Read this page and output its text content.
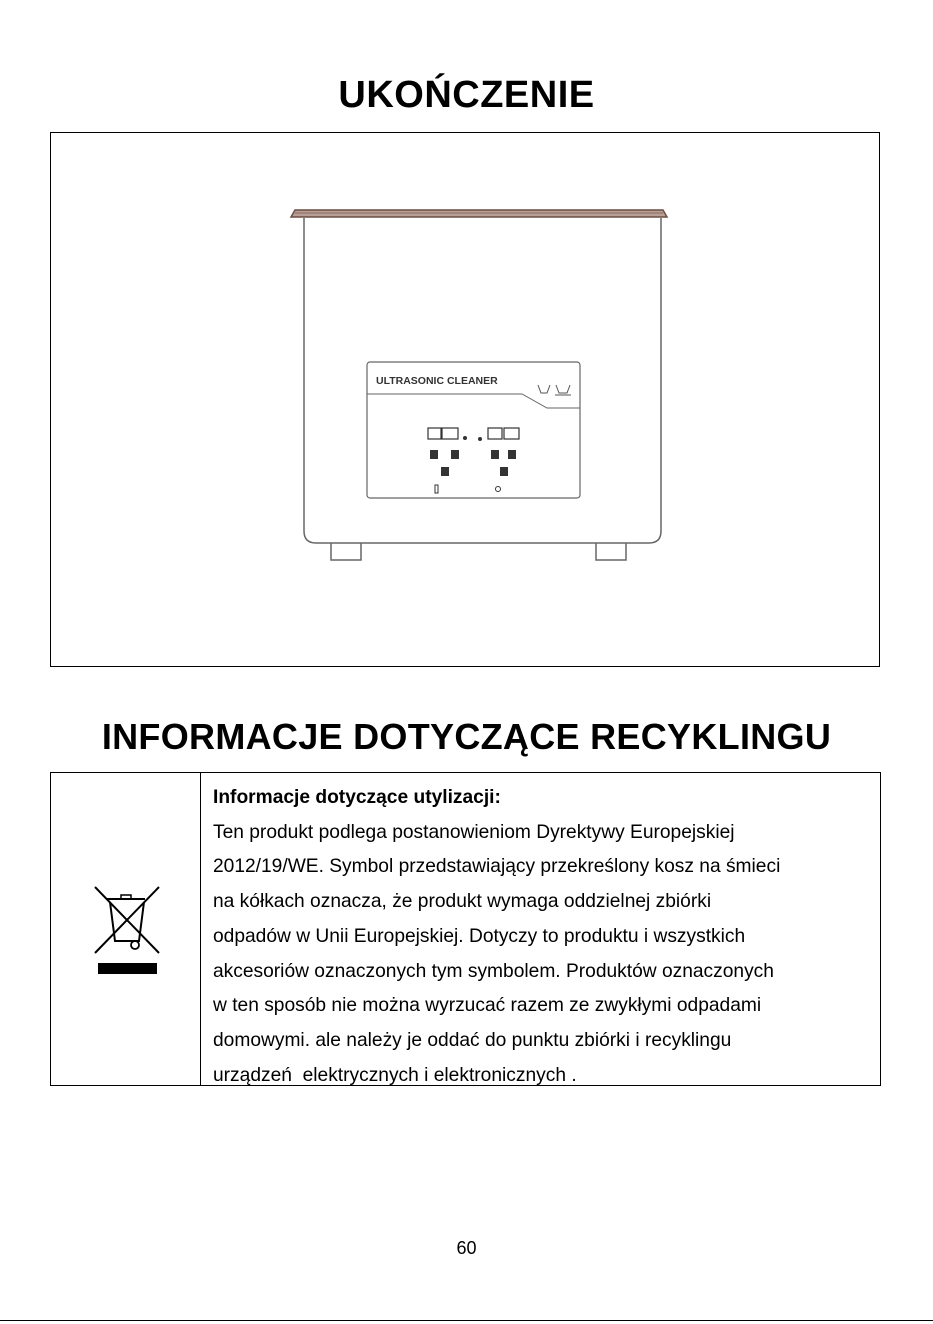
UKOŃCZENIE
ULTRASONIC CLEANER
INFORMACJE DOTYCZĄCE RECYKLINGU
Informacje dotyczące utylizacji:
Ten produkt podlega postanowieniom Dyrektywy Europejskiej
2012/19/WE. Symbol przedstawiający przekreślony kosz na śmieci
na kółkach oznacza, że produkt wymaga oddzielnej zbiórki
odpadów w Unii Europejskiej. Dotyczy to produktu i wszystkich
akcesoriów oznaczonych tym symbolem. Produktów oznaczonych
w ten sposób nie można wyrzucać razem ze zwykłymi odpadami
domowymi. ale należy je oddać do punktu zbiórki i recyklingu
urządzeń  elektrycznych i elektronicznych .
60
